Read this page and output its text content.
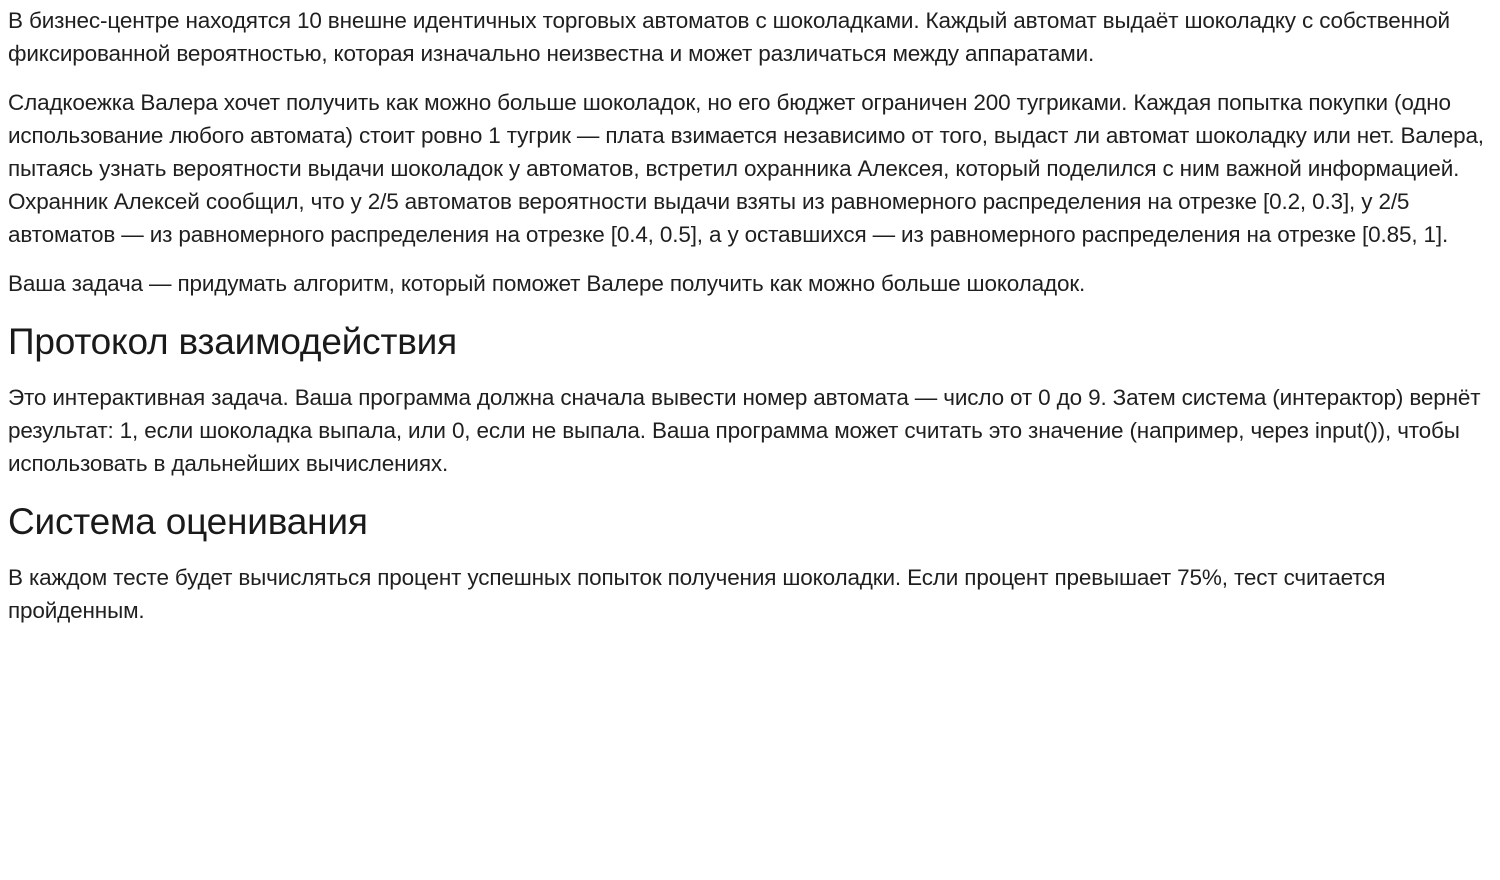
В бизнес-центре находятся 10 внешне идентичных торговых автоматов с шоколадками. Каждый автомат выдаёт шоколадку с собственной фиксированной вероятностью, которая изначально неизвестна и может различаться между аппаратами.

Сладкоежка Валера хочет получить как можно больше шоколадок, но его бюджет ограничен 200 тугриками. Каждая попытка покупки (одно использование любого автомата) стоит ровно 1 тугрик — плата взимается независимо от того, выдаст ли автомат шоколадку или нет. Валера, пытаясь узнать вероятности выдачи шоколадок у автоматов, встретил охранника Алексея, который поделился с ним важной информацией. Охранник Алексей сообщил, что у 2/5 автоматов вероятности выдачи взяты из равномерного распределения на отрезке [0.2, 0.3], у 2/5 автоматов — из равномерного распределения на отрезке [0.4, 0.5], а у оставшихся — из равномерного распределения на отрезке [0.85, 1].

Ваша задача — придумать алгоритм, который поможет Валере получить как можно больше шоколадок.

Протокол взаимодействия

Это интерактивная задача. Ваша программа должна сначала вывести номер автомата — число от 0 до 9. Затем система (интерактор) вернёт результат: 1, если шоколадка выпала, или 0, если не выпала. Ваша программа может считать это значение (например, через input()), чтобы использовать в дальнейших вычислениях.

Система оценивания

В каждом тесте будет вычисляться процент успешных попыток получения шоколадки. Если процент превышает 75%, тест считается пройденным.
